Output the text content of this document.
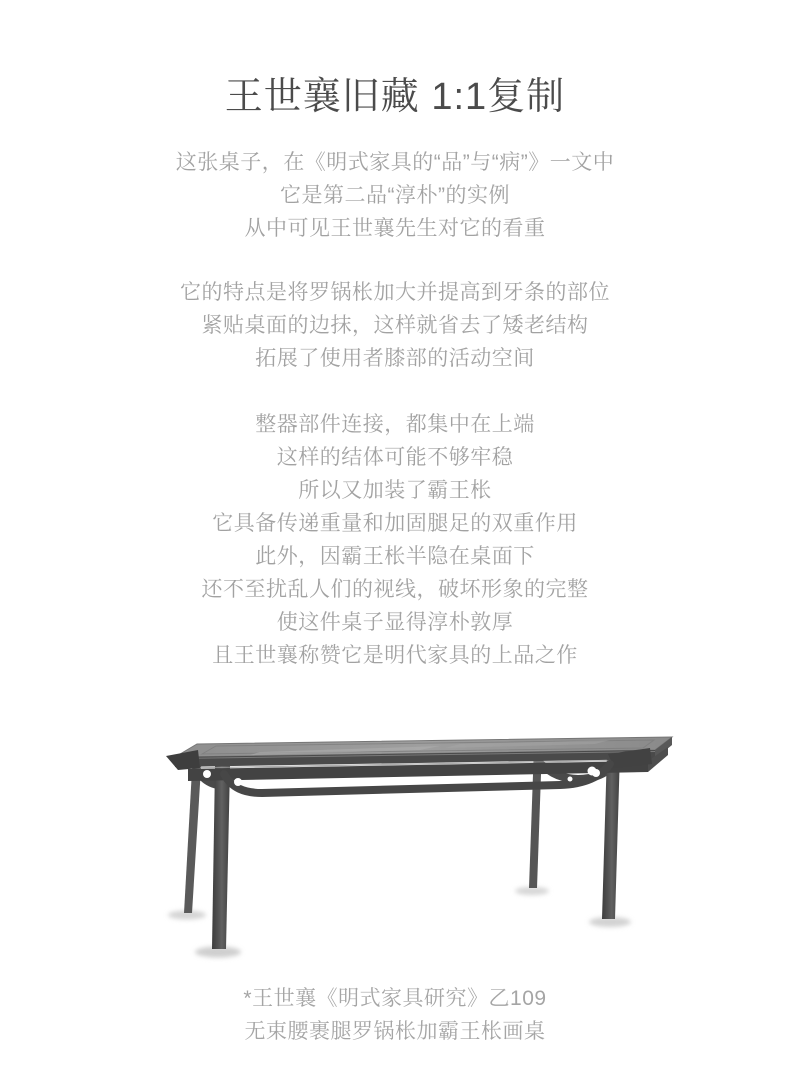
王世襄旧藏 1:1复制
这张桌子，在《明式家具的“品”与“病”》一文中
它是第二品“淳朴”的实例
从中可见王世襄先生对它的看重
它的特点是将罗锅枨加大并提高到牙条的部位
紧贴桌面的边抹，这样就省去了矮老结构
拓展了使用者膝部的活动空间
整器部件连接，都集中在上端
这样的结体可能不够牢稳
所以又加装了霸王枨
它具备传递重量和加固腿足的双重作用
此外，因霸王枨半隐在桌面下
还不至扰乱人们的视线，破坏形象的完整
使这件桌子显得淳朴敦厚
且王世襄称赞它是明代家具的上品之作
*王世襄《明式家具研究》乙109
无束腰裹腿罗锅枨加霸王枨画桌
